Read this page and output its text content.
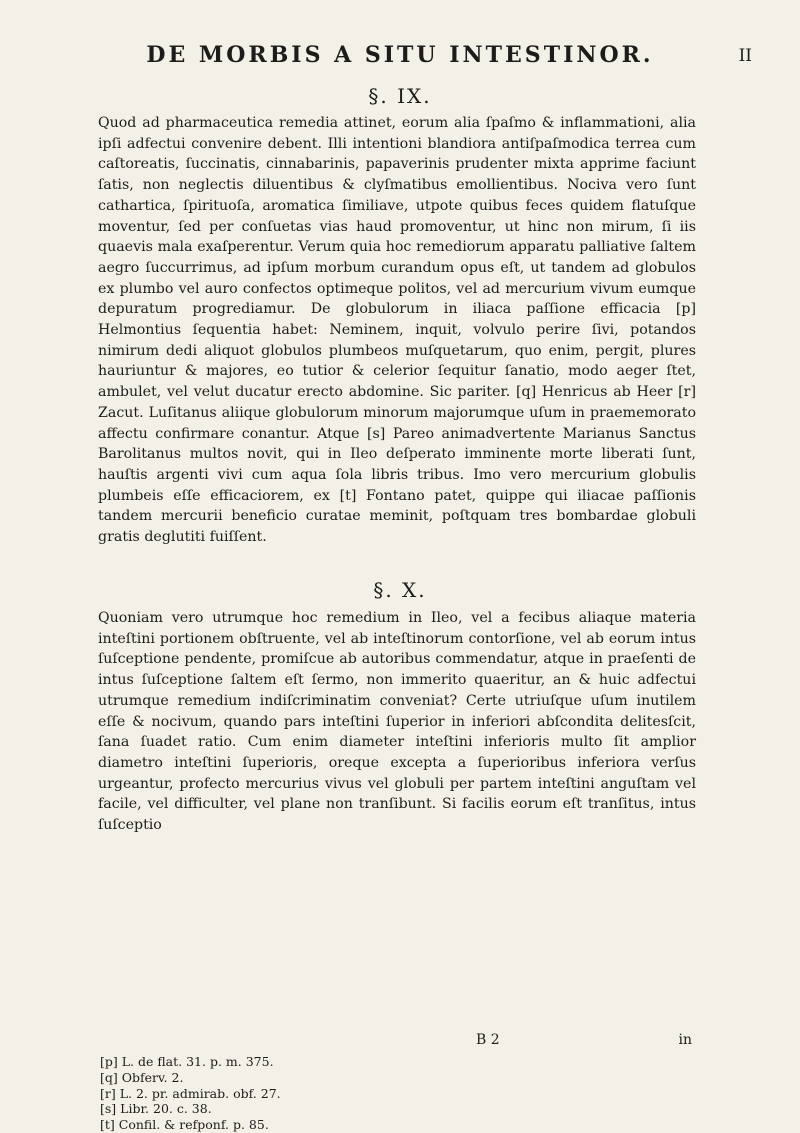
DE MORBIS A SITU INTESTINOR.	II
§. IX.

Quod ad pharmaceutica remedia attinet, eorum alia ſpaſmo & inflammationi, alia ipſi adfectui convenire debent. Illi intentioni blandiora antiſpaſmodica terrea cum caſtoreatis, ſuccinatis, cinnabarinis, papaverinis prudenter mixta apprime faciunt ſatis, non neglectis diluentibus & clyſmatibus emollientibus. Nociva vero ſunt cathartica, ſpirituoſa, aromatica ſimiliave, utpote quibus feces quidem flatuſque moventur, ſed per conſuetas vias haud promoventur, ut hinc non mirum, ſi iis quaevis mala exaſperentur. Verum quia hoc remediorum apparatu palliative ſaltem aegro ſuccurrimus, ad ipſum morbum curandum opus eſt, ut tandem ad globulos ex plumbo vel auro confectos optimeque politos, vel ad mercurium vivum eumque depuratum progrediamur. De globulorum in iliaca paſſione efficacia [p] Helmontius ſequentia habet: Neminem, inquit, volvulo perire ſivi, potandos nimirum dedi aliquot globulos plumbeos muſquetarum, quo enim, pergit, plures hauriuntur & majores, eo tutior & celerior ſequitur ſanatio, modo aeger ſtet, ambulet, vel velut ducatur erecto abdomine. Sic pariter. [q] Henricus ab Heer [r] Zacut. Luſitanus aliique globulorum minorum majorumque uſum in praememorato affectu confirmare conantur. Atque [s] Pareo animadvertente Marianus Sanctus Barolitanus multos novit, qui in Ileo deſperato imminente morte liberati ſunt, hauſtis argenti vivi cum aqua ſola libris tribus. Imo vero mercurium globulis plumbeis eſſe efficaciorem, ex [t] Fontano patet, quippe qui iliacae paſſionis tandem mercurii beneficio curatae meminit, poſtquam tres bombardae globuli gratis deglutiti fuiſſent.

§. X.

Quoniam vero utrumque hoc remedium in Ileo, vel a fecibus aliaque materia inteſtini portionem obſtruente, vel ab inteſtinorum contorſione, vel ab eorum intus ſuſceptione pendente, promiſcue ab autoribus commendatur, atque in praeſenti de intus ſuſceptione ſaltem eſt ſermo, non immerito quaeritur, an & huic adfectui utrumque remedium indiſcriminatim conveniat? Certe utriuſque uſum inutilem eſſe & nocivum, quando pars inteſtini ſuperior in inferiori abſcondita delitesſcit, ſana ſuadet ratio. Cum enim diameter inteſtini inferioris multo ſit amplior diametro inteſtini ſuperioris, oreque excepta a ſuperioribus inferiora verſus urgeantur, profecto mercurius vivus vel globuli per partem inteſtini anguſtam vel facile, vel difficulter, vel plane non tranſibunt. Si facilis eorum eſt tranſitus, intus ſuſceptio

B 2	in
[p] L. de flat. 31. p. m. 375.
[q] Obferv. 2.
[r] L. 2. pr. admirab. obf. 27.
[s] Libr. 20. c. 38.
[t] Confil. & refponf. p. 85.
